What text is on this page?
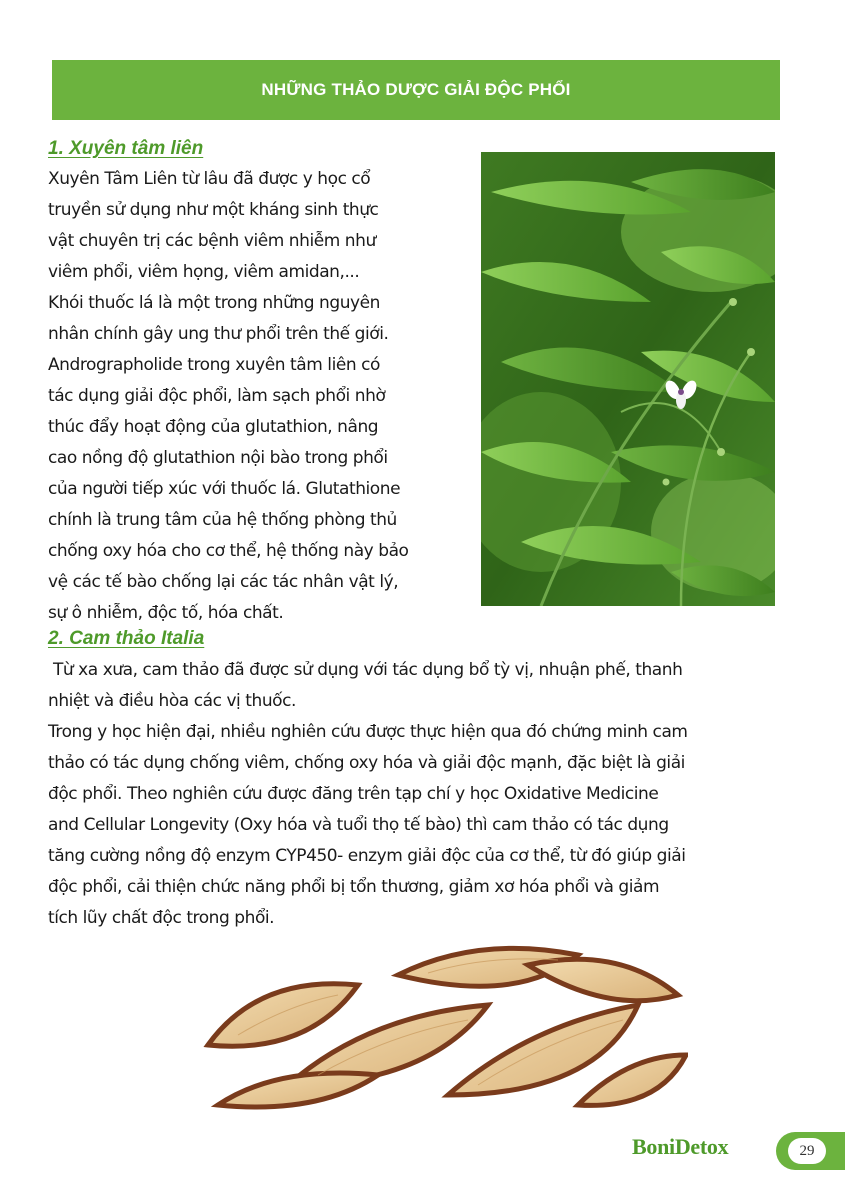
NHỮNG THẢO DƯỢC GIẢI ĐỘC PHỔI
1. Xuyên tâm liên

Xuyên Tâm Liên từ lâu đã được y học cổ

truyền sử dụng như một kháng sinh thực

vật chuyên trị các bệnh viêm nhiễm như

viêm phổi, viêm họng, viêm amidan,...

Khói thuốc lá là một trong những nguyên

nhân chính gây ung thư phổi trên thế giới.

Andrographolide trong xuyên tâm liên có

tác dụng giải độc phổi, làm sạch phổi nhờ

thúc đẩy hoạt động của glutathion, nâng

cao nồng độ glutathion nội bào trong phổi

của người tiếp xúc với thuốc lá. Glutathione

chính là trung tâm của hệ thống phòng thủ

chống oxy hóa cho cơ thể, hệ thống này bảo

vệ các tế bào chống lại các tác nhân vật lý,

sự ô nhiễm, độc tố, hóa chất.

2. Cam thảo Italia

Từ xa xưa, cam thảo đã được sử dụng với tác dụng bổ tỳ vị, nhuận phế, thanh

nhiệt và điều hòa các vị thuốc.

Trong y học hiện đại, nhiều nghiên cứu được thực hiện qua đó chứng minh cam

thảo có tác dụng chống viêm, chống oxy hóa và giải độc mạnh, đặc biệt là giải

độc phổi. Theo nghiên cứu được đăng trên tạp chí y học Oxidative Medicine

and Cellular Longevity (Oxy hóa và tuổi thọ tế bào) thì cam thảo có tác dụng

tăng cường nồng độ enzym CYP450- enzym giải độc của cơ thể, từ đó giúp giải

độc phổi, cải thiện chức năng phổi bị tổn thương, giảm xơ hóa phổi và giảm

tích lũy chất độc trong phổi.

BoniDetox	29
